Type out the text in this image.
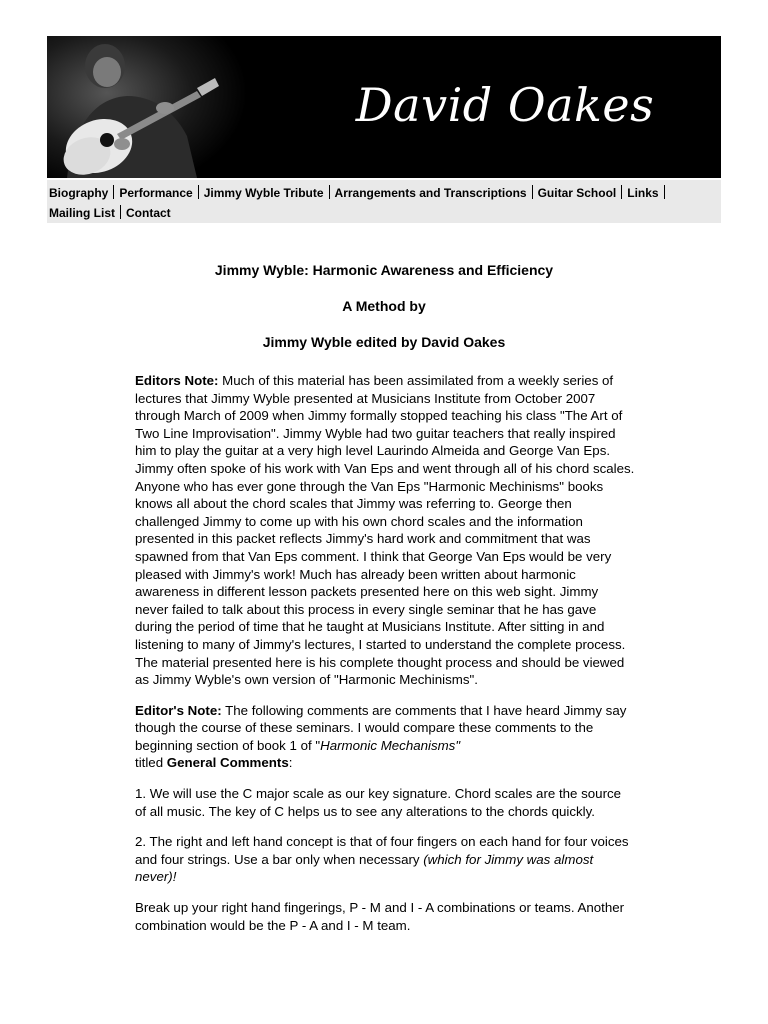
David Oakes
Biography Performance Jimmy Wyble Tribute Arrangements and Transcriptions Guitar School Links
Mailing List Contact
Jimmy Wyble: Harmonic Awareness and Efficiency
A Method by
Jimmy Wyble edited by David Oakes

Editors Note: Much of this material has been assimilated from a weekly series of lectures that Jimmy Wyble presented at Musicians Institute from October 2007 through March of 2009 when Jimmy formally stopped teaching his class "The Art of Two Line Improvisation". Jimmy Wyble had two guitar teachers that really inspired him to play the guitar at a very high level Laurindo Almeida and George Van Eps. Jimmy often spoke of his work with Van Eps and went through all of his chord scales. Anyone who has ever gone through the Van Eps "Harmonic Mechinisms" books knows all about the chord scales that Jimmy was referring to. George then challenged Jimmy to come up with his own chord scales and the information presented in this packet reflects Jimmy's hard work and commitment that was spawned from that Van Eps comment. I think that George Van Eps would be very pleased with Jimmy's work! Much has already been written about harmonic awareness in different lesson packets presented here on this web sight. Jimmy never failed to talk about this process in every single seminar that he has gave during the period of time that he taught at Musicians Institute. After sitting in and listening to many of Jimmy's lectures, I started to understand the complete process. The material presented here is his complete thought process and should be viewed as Jimmy Wyble's own version of "Harmonic Mechinisms".

Editor's Note: The following comments are comments that I have heard Jimmy say though the course of these seminars. I would compare these comments to the beginning section of book 1 of "Harmonic Mechanisms"
titled General Comments:

1. We will use the C major scale as our key signature. Chord scales are the source of all music. The key of C helps us to see any alterations to the chords quickly.

2. The right and left hand concept is that of four fingers on each hand for four voices and four strings. Use a bar only when necessary (which for Jimmy was almost never)!

Break up your right hand fingerings, P - M and I - A combinations or teams. Another combination would be the P - A and I - M team.
